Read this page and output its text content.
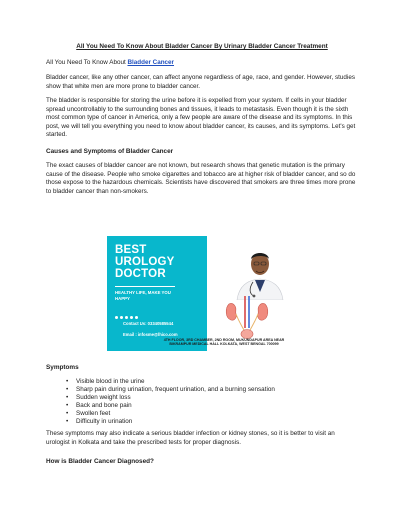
All You Need To Know About Bladder Cancer By Urinary Bladder Cancer Treatment
All You Need To Know About Bladder Cancer
Bladder cancer, like any other cancer, can affect anyone regardless of age, race, and gender. However, studies show that white men are more prone to bladder cancer.
The bladder is responsible for storing the urine before it is expelled from your system. If cells in your bladder spread uncontrollably to the surrounding bones and tissues, it leads to metastasis. Even though it is the sixth most common type of cancer in America, only a few people are aware of the disease and its symptoms. In this post, we will tell you everything you need to know about bladder cancer, its causes, and its symptoms. Let's get started.
Causes and Symptoms of Bladder Cancer
The exact causes of bladder cancer are not known, but research shows that genetic mutation is the primary cause of the disease. People who smoke cigarettes and tobacco are at higher risk of bladder cancer, and so do those expose to the hazardous chemicals. Scientists have discovered that smokers are three times more prone to bladder cancer than non-smokers.
Symptoms
• Visible blood in the urine
• Sharp pain during urination, frequent urination, and a burning sensation
• Sudden weight loss
• Back and bone pain
• Swollen feet
• Difficulty in urination
These symptoms may also indicate a serious bladder infection or kidney stones, so it is better to visit an urologist in Kolkata and take the prescribed tests for proper diagnosis.
How is Bladder Cancer Diagnosed?
BEST
UROLOGY
DOCTOR
HEALTHY LIFE, MAKE YOU HAPPY
Contact Us: 03340585544
Email : infosme@lhico.com
4TH FLOOR, 3RD CHAMBER, 2ND ROOM, MUKUNDAPUR AREA NEAR BIKRAMPUR MEDICAL HALL KOLKATA, WEST BENGAL 700099
